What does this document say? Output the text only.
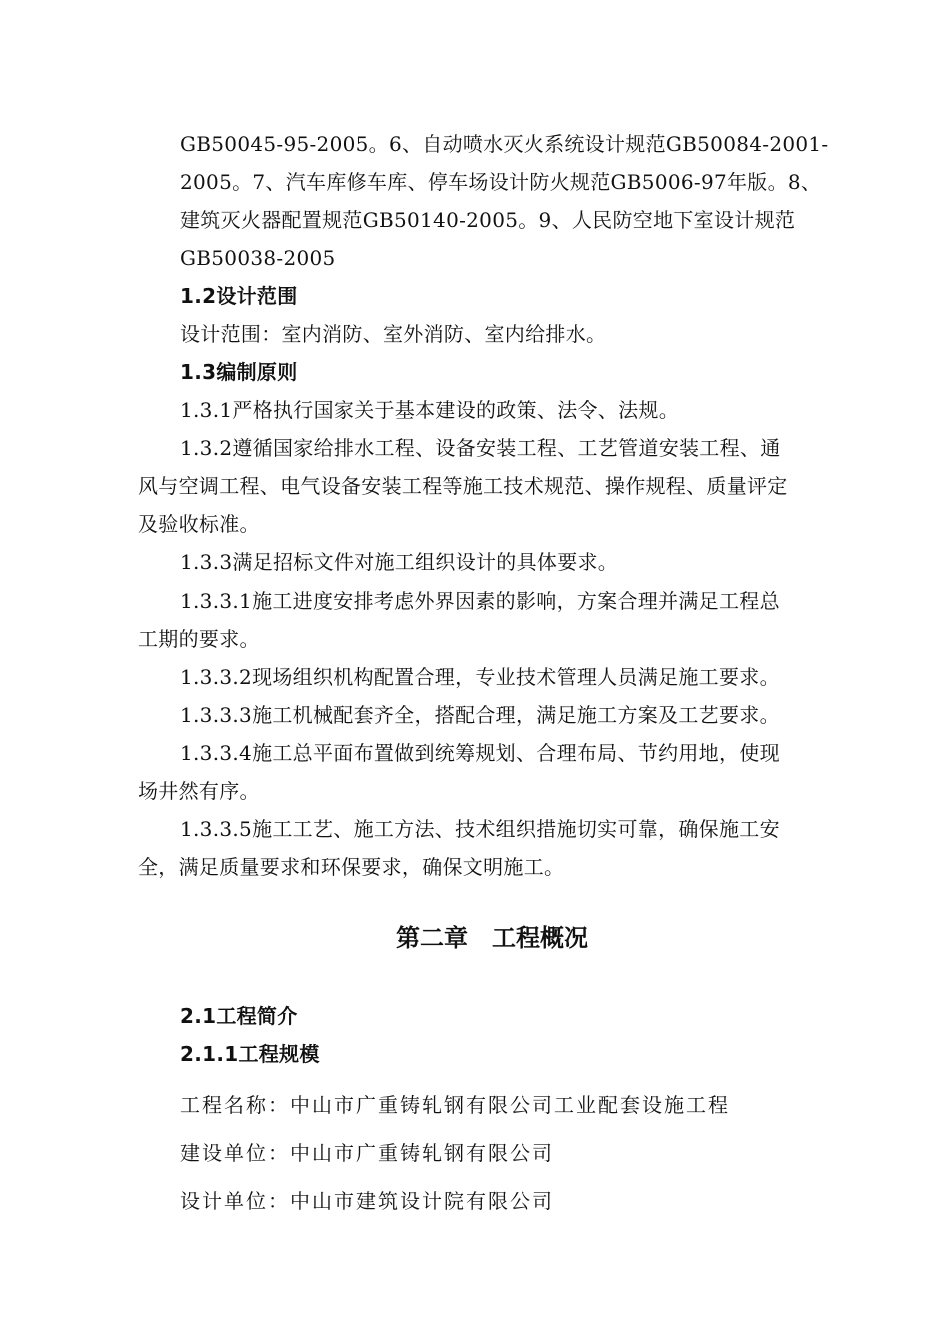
GB50045-95-2005。6、自动喷水灭火系统设计规范GB50084-2001-
2005。7、汽车库修车库、停车场设计防火规范GB5006-97年版。8、
建筑灭火器配置规范GB50140-2005。9、人民防空地下室设计规范
GB50038-2005
1.2设计范围
设计范围：室内消防、室外消防、室内给排水。
1.3编制原则
1.3.1严格执行国家关于基本建设的政策、法令、法规。
1.3.2遵循国家给排水工程、设备安装工程、工艺管道安装工程、通
风与空调工程、电气设备安装工程等施工技术规范、操作规程、质量评定
及验收标准。
1.3.3满足招标文件对施工组织设计的具体要求。
1.3.3.1施工进度安排考虑外界因素的影响，方案合理并满足工程总
工期的要求。
1.3.3.2现场组织机构配置合理，专业技术管理人员满足施工要求。
1.3.3.3施工机械配套齐全，搭配合理，满足施工方案及工艺要求。
1.3.3.4施工总平面布置做到统筹规划、合理布局、节约用地，使现
场井然有序。
1.3.3.5施工工艺、施工方法、技术组织措施切实可靠，确保施工安
全，满足质量要求和环保要求，确保文明施工。
第二章　工程概况
2.1工程简介
2.1.1工程规模
工程名称：中山市广重铸轧钢有限公司工业配套设施工程
建设单位：中山市广重铸轧钢有限公司
设计单位：中山市建筑设计院有限公司
